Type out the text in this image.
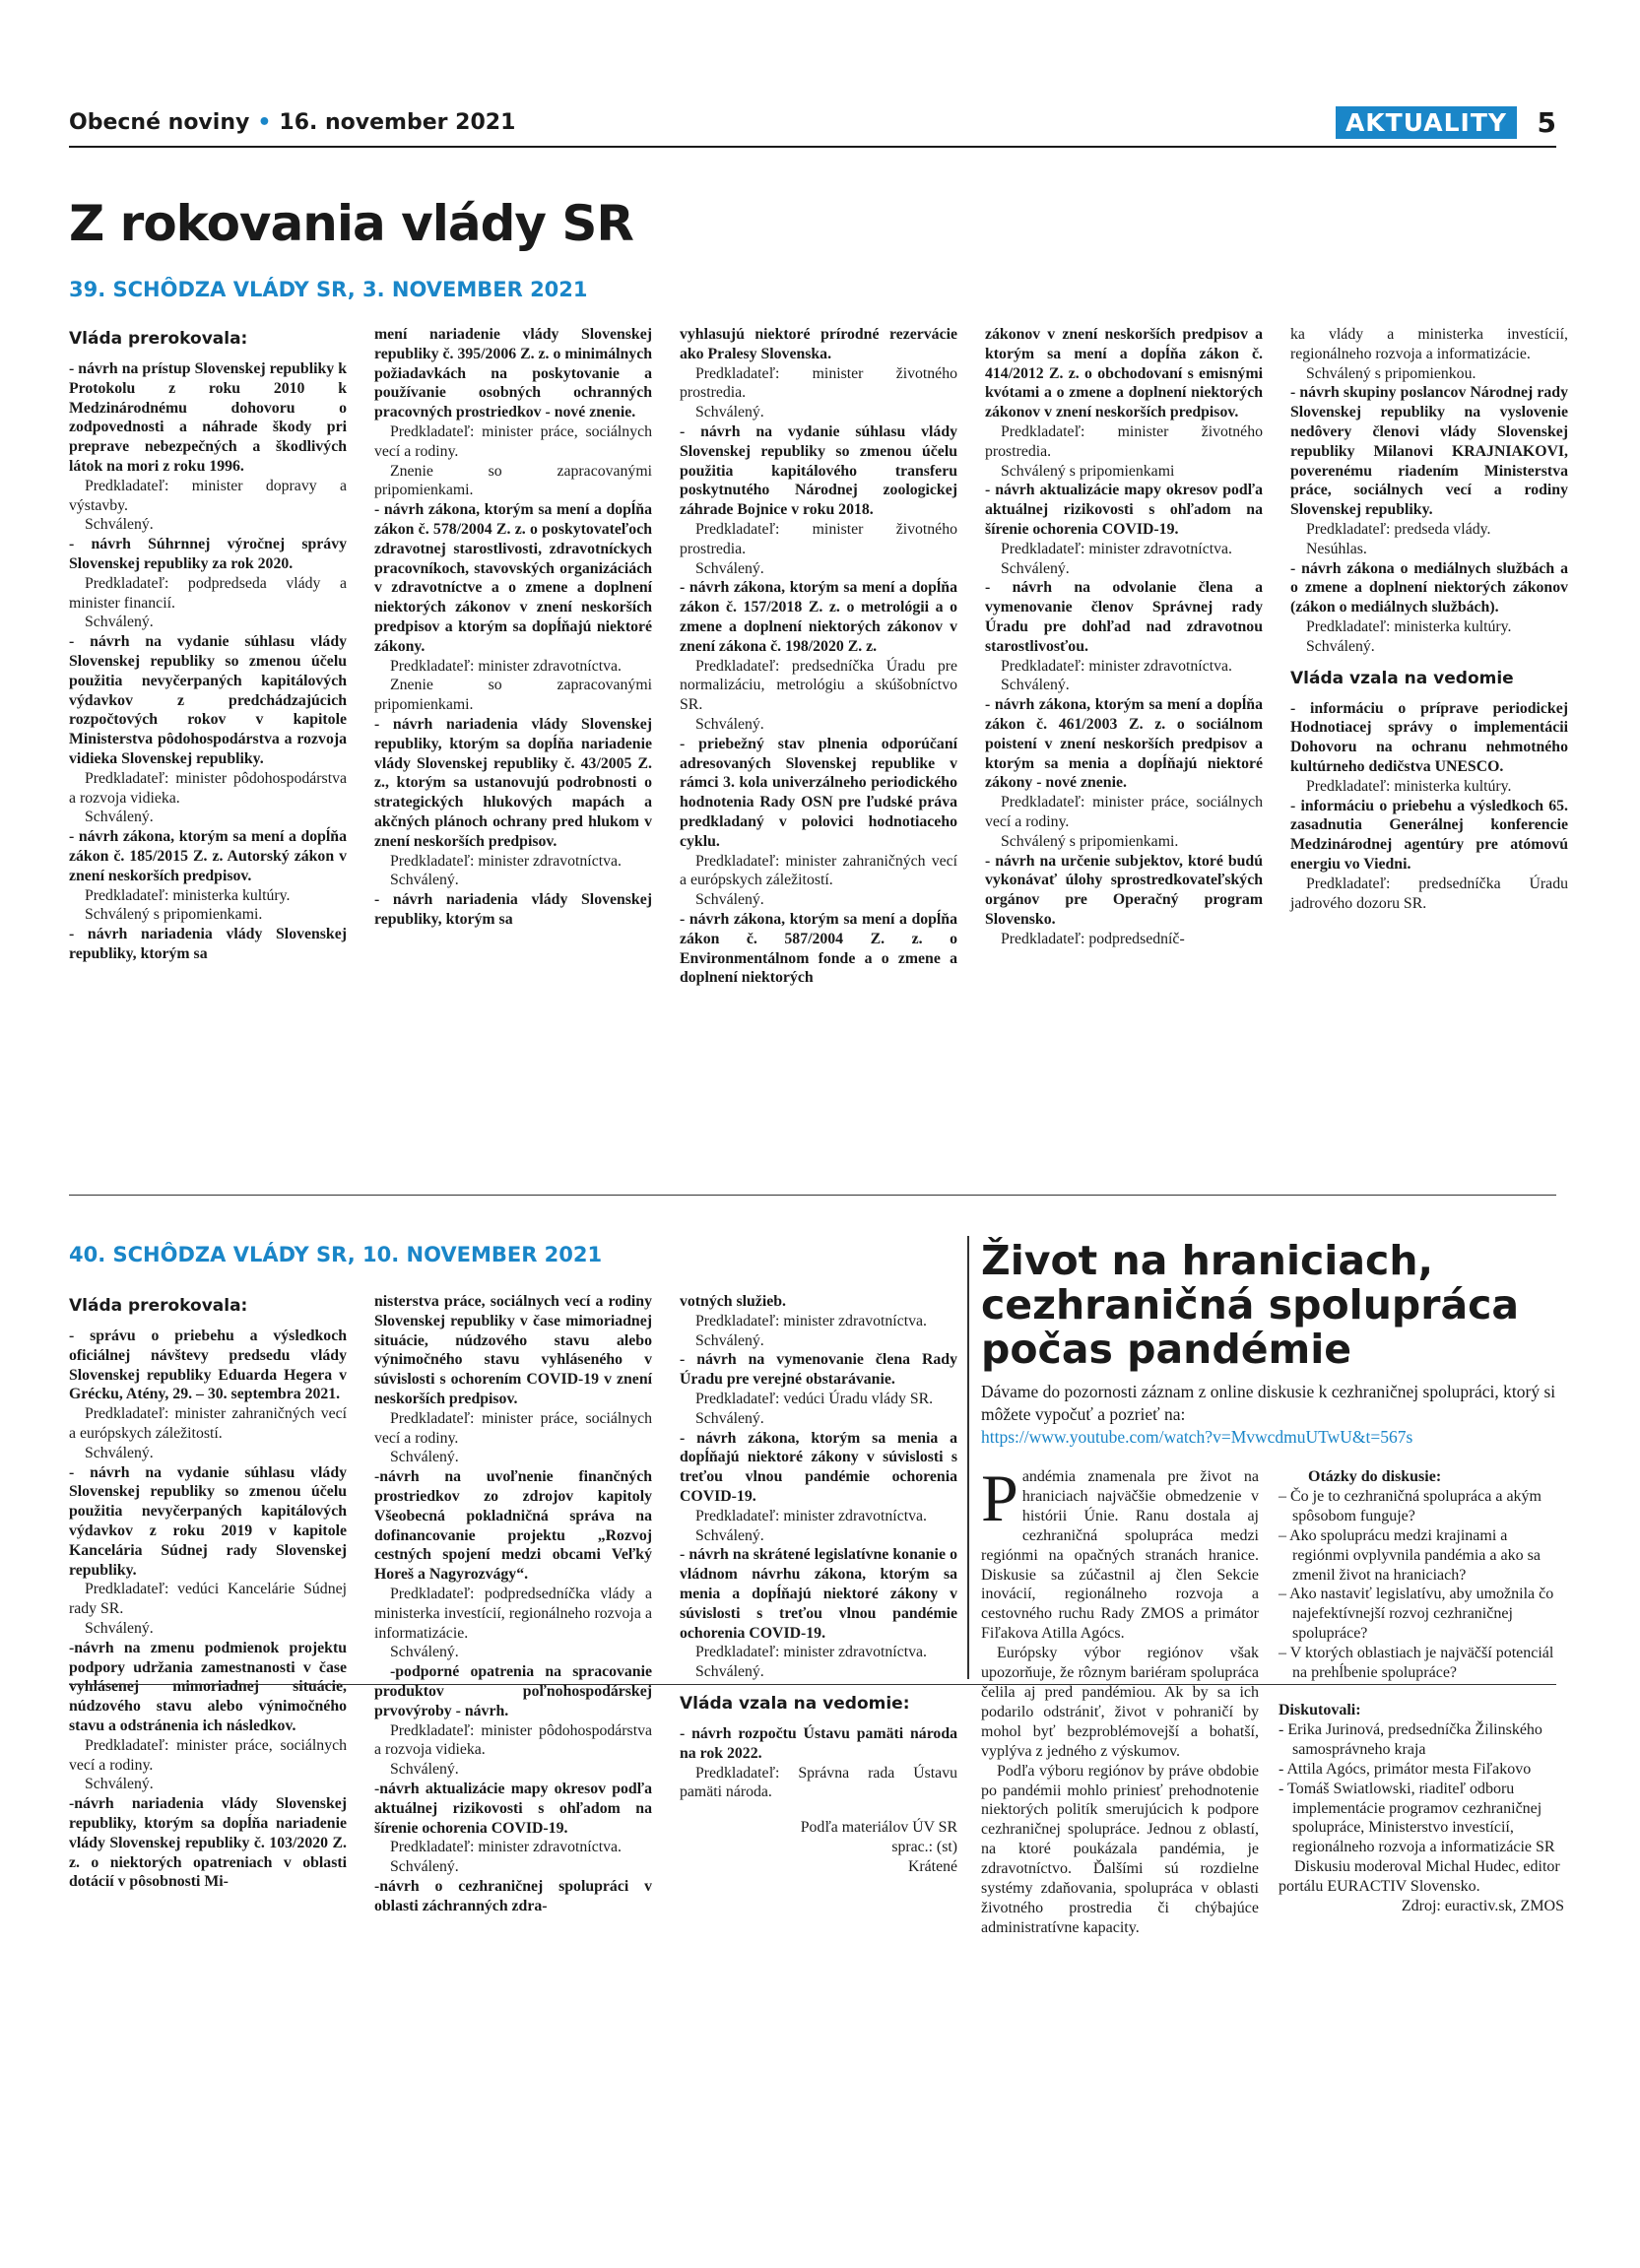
Obecné noviny • 16. november 2021	AKTUALITY	5
Z rokovania vlády SR
39. SCHÔDZA VLÁDY SR, 3. NOVEMBER 2021

Vláda prerokovala:

- návrh na prístup Slovenskej republiky k Protokolu z roku 2010 k Medzinárodnému dohovoru o zodpovednosti a náhrade škody pri preprave nebezpečných a škodlivých látok na mori z roku 1996.

Predkladateľ: minister dopravy a výstavby.

Schválený.

- návrh Súhrnnej výročnej správy Slovenskej republiky za rok 2020.

Predkladateľ: podpredseda vlády a minister financií.

Schválený.

- návrh na vydanie súhlasu vlády Slovenskej republiky so zmenou účelu použitia nevyčerpaných kapitálových výdavkov z predchádzajúcich rozpočtových rokov v kapitole Ministerstva pôdohospodárstva a rozvoja vidieka Slovenskej republiky.

Predkladateľ: minister pôdohospodárstva a rozvoja vidieka.

Schválený.

- návrh zákona, ktorým sa mení a dopĺňa zákon č. 185/2015 Z. z. Autorský zákon v znení neskorších predpisov.

Predkladateľ: ministerka kultúry.

Schválený s pripomienkami.

- návrh nariadenia vlády Slovenskej republiky, ktorým sa

mení nariadenie vlády Slovenskej republiky č. 395/2006 Z. z. o minimálnych požiadavkách na poskytovanie a používanie osobných ochranných pracovných prostriedkov - nové znenie.

Predkladateľ: minister práce, sociálnych vecí a rodiny.

Znenie so zapracovanými pripomienkami.

- návrh zákona, ktorým sa mení a dopĺňa zákon č. 578/2004 Z. z. o poskytovateľoch zdravotnej starostlivosti, zdravotníckych pracovníkoch, stavovských organizáciách v zdravotníctve a o zmene a doplnení niektorých zákonov v znení neskorších predpisov a ktorým sa dopĺňajú niektoré zákony.

Predkladateľ: minister zdravotníctva.

Znenie so zapracovanými pripomienkami.

- návrh nariadenia vlády Slovenskej republiky, ktorým sa dopĺňa nariadenie vlády Slovenskej republiky č. 43/2005 Z. z., ktorým sa ustanovujú podrobnosti o strategických hlukových mapách a akčných plánoch ochrany pred hlukom v znení neskorších predpisov.

Predkladateľ: minister zdravotníctva.

Schválený.

- návrh nariadenia vlády Slovenskej republiky, ktorým sa

vyhlasujú niektoré prírodné rezervácie ako Pralesy Slovenska.

Predkladateľ: minister životného prostredia.

Schválený.

- návrh na vydanie súhlasu vlády Slovenskej republiky so zmenou účelu použitia kapitálového transferu poskytnutého Národnej zoologickej záhrade Bojnice v roku 2018.

Predkladateľ: minister životného prostredia.

Schválený.

- návrh zákona, ktorým sa mení a dopĺňa zákon č. 157/2018 Z. z. o metrológii a o zmene a doplnení niektorých zákonov v znení zákona č. 198/2020 Z. z.

Predkladateľ: predsedníčka Úradu pre normalizáciu, metrológiu a skúšobníctvo SR.

Schválený.

- priebežný stav plnenia odporúčaní adresovaných Slovenskej republike v rámci 3. kola univerzálneho periodického hodnotenia Rady OSN pre ľudské práva predkladaný v polovici hodnotiaceho cyklu.

Predkladateľ: minister zahraničných vecí a európskych záležitostí.

Schválený.

- návrh zákona, ktorým sa mení a dopĺňa zákon č. 587/2004 Z. z. o Environmentálnom fonde a o zmene a doplnení niektorých

zákonov v znení neskorších predpisov a ktorým sa mení a dopĺňa zákon č. 414/2012 Z. z. o obchodovaní s emisnými kvótami a o zmene a doplnení niektorých zákonov v znení neskorších predpisov.

Predkladateľ: minister životného prostredia.

Schválený s pripomienkami

- návrh aktualizácie mapy okresov podľa aktuálnej rizikovosti s ohľadom na šírenie ochorenia COVID-19.

Predkladateľ: minister zdravotníctva.

Schválený.

- návrh na odvolanie člena a vymenovanie členov Správnej rady Úradu pre dohľad nad zdravotnou starostlivosťou.

Predkladateľ: minister zdravotníctva.

Schválený.

- návrh zákona, ktorým sa mení a dopĺňa zákon č. 461/2003 Z. z. o sociálnom poistení v znení neskorších predpisov a ktorým sa menia a dopĺňajú niektoré zákony - nové znenie.

Predkladateľ: minister práce, sociálnych vecí a rodiny.

Schválený s pripomienkami.

- návrh na určenie subjektov, ktoré budú vykonávať úlohy sprostredkovateľských orgánov pre Operačný program Slovensko.

Predkladateľ: podpredsedníč-

ka vlády a ministerka investícií, regionálneho rozvoja a informatizácie.

Schválený s pripomienkou.

- návrh skupiny poslancov Národnej rady Slovenskej republiky na vyslovenie nedôvery členovi vlády Slovenskej republiky Milanovi KRAJNIAKOVI, poverenému riadením Ministerstva práce, sociálnych vecí a rodiny Slovenskej republiky.

Predkladateľ: predseda vlády.

Nesúhlas.

- návrh zákona o mediálnych službách a o zmene a doplnení niektorých zákonov (zákon o mediálnych službách).

Predkladateľ: ministerka kultúry.

Schválený.

Vláda vzala na vedomie

- informáciu o príprave periodickej Hodnotiacej správy o implementácii Dohovoru na ochranu nehmotného kultúrneho dedičstva UNESCO.

Predkladateľ: ministerka kultúry.

- informáciu o priebehu a výsledkoch 65. zasadnutia Generálnej konferencie Medzinárodnej agentúry pre atómovú energiu vo Viedni.

Predkladateľ: predsedníčka Úradu jadrového dozoru SR.

40. SCHÔDZA VLÁDY SR, 10. NOVEMBER 2021

Vláda prerokovala:

- správu o priebehu a výsledkoch oficiálnej návštevy predsedu vlády Slovenskej republiky Eduarda Hegera v Grécku, Atény, 29. – 30. septembra 2021.

Predkladateľ: minister zahraničných vecí a európskych záležitostí.

Schválený.

- návrh na vydanie súhlasu vlády Slovenskej republiky so zmenou účelu použitia nevyčerpaných kapitálových výdavkov z roku 2019 v kapitole Kancelária Súdnej rady Slovenskej republiky.

Predkladateľ: vedúci Kancelárie Súdnej rady SR.

Schválený.

-návrh na zmenu podmienok projektu podpory udržania zamestnanosti v čase vyhlásenej mimoriadnej situácie, núdzového stavu alebo výnimočného stavu a odstránenia ich následkov.

Predkladateľ: minister práce, sociálnych vecí a rodiny.

Schválený.

-návrh nariadenia vlády Slovenskej republiky, ktorým sa dopĺňa nariadenie vlády Slovenskej republiky č. 103/2020 Z. z. o niektorých opatreniach v oblasti dotácií v pôsobnosti Mi-

nisterstva práce, sociálnych vecí a rodiny Slovenskej republiky v čase mimoriadnej situácie, núdzového stavu alebo výnimočného stavu vyhláseného v súvislosti s ochorením COVID-19 v znení neskorších predpisov.

Predkladateľ: minister práce, sociálnych vecí a rodiny.

Schválený.

-návrh na uvoľnenie finančných prostriedkov zo zdrojov kapitoly Všeobecná pokladničná správa na dofinancovanie projektu „Rozvoj cestných spojení medzi obcami Veľký Horeš a Nagyrozvágy“.

Predkladateľ: podpredsedníčka vlády a ministerka investícií, regionálneho rozvoja a informatizácie.

Schválený.

-podporné opatrenia na spracovanie produktov poľnohospodárskej prvovýroby - návrh.

Predkladateľ: minister pôdohospodárstva a rozvoja vidieka.

Schválený.

-návrh aktualizácie mapy okresov podľa aktuálnej rizikovosti s ohľadom na šírenie ochorenia COVID-19.

Predkladateľ: minister zdravotníctva.

Schválený.

-návrh o cezhraničnej spolupráci v oblasti záchranných zdra-

votných služieb.

Predkladateľ: minister zdravotníctva.

Schválený.

- návrh na vymenovanie člena Rady Úradu pre verejné obstarávanie.

Predkladateľ: vedúci Úradu vlády SR.

Schválený.

- návrh zákona, ktorým sa menia a dopĺňajú niektoré zákony v súvislosti s treťou vlnou pandémie ochorenia COVID-19.

Predkladateľ: minister zdravotníctva.

Schválený.

- návrh na skrátené legislatívne konanie o vládnom návrhu zákona, ktorým sa menia a dopĺňajú niektoré zákony v súvislosti s treťou vlnou pandémie ochorenia COVID-19.

Predkladateľ: minister zdravotníctva.

Schválený.

Vláda vzala na vedomie:

- návrh rozpočtu Ústavu pamäti národa na rok 2022.

Predkladateľ: Správna rada Ústavu pamäti národa.

Podľa materiálov ÚV SR

sprac.: (st)

Krátené

Život na hraniciach, cezhraničná spolupráca počas pandémie
Dávame do pozornosti záznam z online diskusie k cezhraničnej spolupráci, ktorý si môžete vypočuť a pozrieť na:
https://www.youtube.com/watch?v=MvwcdmuUTwU&t=567s

Pandémia znamenala pre život na hraniciach najväčšie obmedzenie v histórii Únie. Ranu dostala aj cezhraničná spolupráca medzi regiónmi na opačných stranách hranice. Diskusie sa zúčastnil aj člen Sekcie inovácií, regionálneho rozvoja a cestovného ruchu Rady ZMOS a primátor Fiľakova Atilla Agócs.

Európsky výbor regiónov však upozorňuje, že rôznym bariéram spolupráca čelila aj pred pandémiou. Ak by sa ich podarilo odstrániť, život v pohraničí by mohol byť bezproblémovejší a bohatší, vyplýva z jedného z výskumov.

Podľa výboru regiónov by práve obdobie po pandémii mohlo priniesť prehodnotenie niektorých politík smerujúcich k podpore cezhraničnej spolupráce. Jednou z oblastí, na ktoré poukázala pandémia, je zdravotníctvo. Ďalšími sú rozdielne systémy zdaňovania, spolupráca v oblasti životného prostredia či chýbajúce administratívne kapacity.

Otázky do diskusie:

– Čo je to cezhraničná spolupráca a akým spôsobom funguje?
– Ako spoluprácu medzi krajinami a regiónmi ovplyvnila pandémia a ako sa zmenil život na hraniciach?
– Ako nastaviť legislatívu, aby umožnila čo najefektívnejší rozvoj cezhraničnej spolupráce?
– V ktorých oblastiach je najväčší potenciál na prehĺbenie spolupráce?

Diskutovali:

- Erika Jurinová, predsedníčka Žilinského samosprávneho kraja
- Attila Agócs, primátor mesta Fiľakovo
- Tomáš Swiatlowski, riaditeľ odboru implementácie programov cezhraničnej spolupráce, Ministerstvo investícií, regionálneho rozvoja a informatizácie SR

Diskusiu moderoval Michal Hudec, editor portálu EURACTIV Slovensko.

Zdroj: euractiv.sk, ZMOS
